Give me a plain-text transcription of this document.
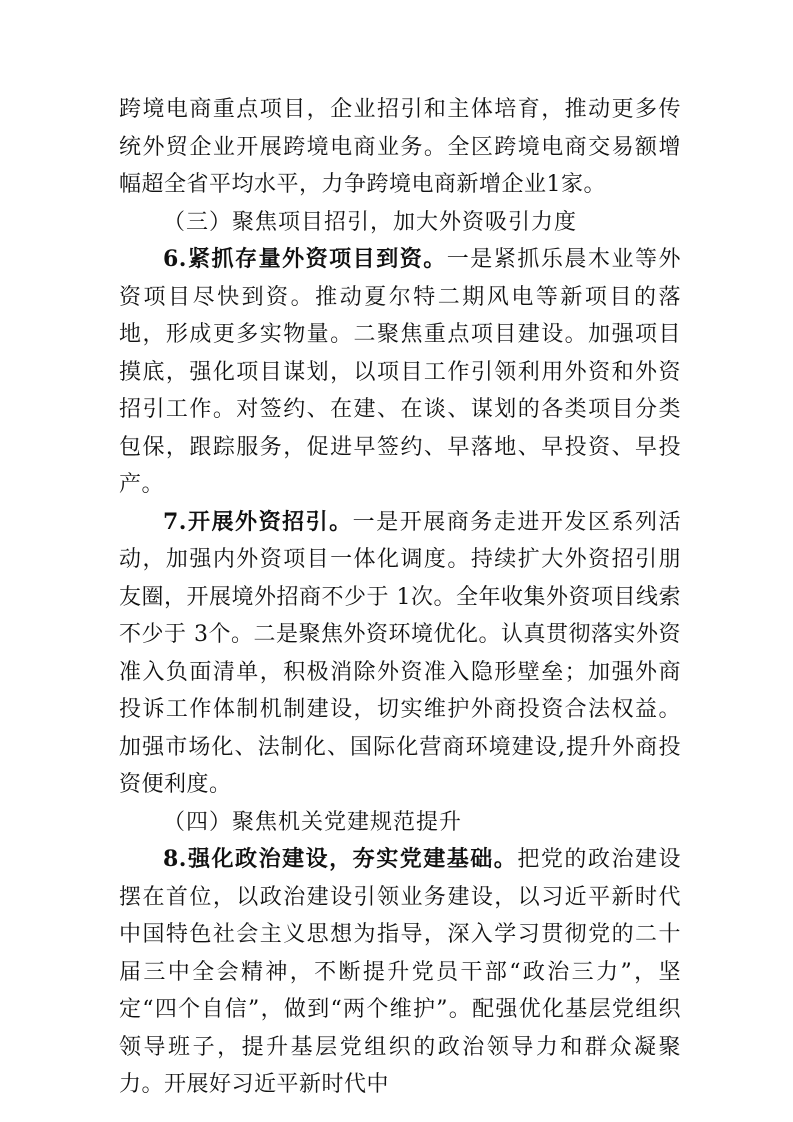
跨境电商重点项目，企业招引和主体培育，推动更多传统外贸企业开展跨境电商业务。全区跨境电商交易额增幅超全省平均水平，力争跨境电商新增企业1家。

（三）聚焦项目招引，加大外资吸引力度

6.紧抓存量外资项目到资。一是紧抓乐晨木业等外资项目尽快到资。推动夏尔特二期风电等新项目的落地，形成更多实物量。二聚焦重点项目建设。加强项目摸底，强化项目谋划，以项目工作引领利用外资和外资招引工作。对签约、在建、在谈、谋划的各类项目分类包保，跟踪服务，促进早签约、早落地、早投资、早投产。

7.开展外资招引。一是开展商务走进开发区系列活动，加强内外资项目一体化调度。持续扩大外资招引朋友圈，开展境外招商不少于 1次。全年收集外资项目线索不少于 3个。二是聚焦外资环境优化。认真贯彻落实外资准入负面清单，积极消除外资准入隐形壁垒；加强外商投诉工作体制机制建设，切实维护外商投资合法权益。加强市场化、法制化、国际化营商环境建设,提升外商投资便利度。

（四）聚焦机关党建规范提升

8.强化政治建设，夯实党建基础。把党的政治建设摆在首位，以政治建设引领业务建设，以习近平新时代中国特色社会主义思想为指导，深入学习贯彻党的二十届三中全会精神，不断提升党员干部“政治三力”，坚定“四个自信”，做到“两个维护”。配强优化基层党组织领导班子，提升基层党组织的政治领导力和群众凝聚力。开展好习近平新时代中
